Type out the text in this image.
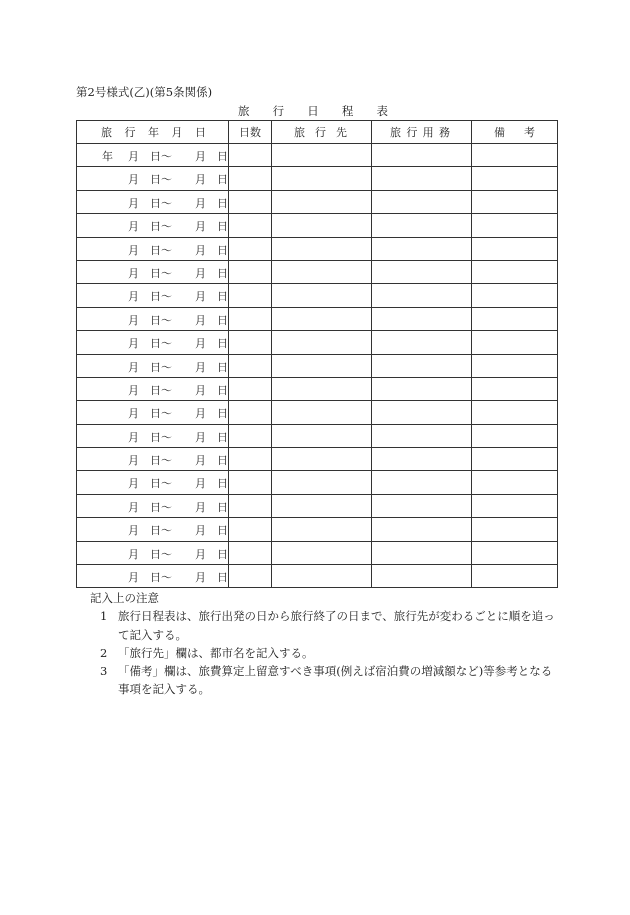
第2号様式(乙)(第5条関係)
旅 行 日 程 表
旅 行 年 月 日	日数	旅 行 先	旅 行 用 務	備 考

年 月 日〜 月 日				

月 日〜 月 日				

月 日〜 月 日				

月 日〜 月 日				

月 日〜 月 日				

月 日〜 月 日				

月 日〜 月 日				

月 日〜 月 日				

月 日〜 月 日				

月 日〜 月 日				

月 日〜 月 日				

月 日〜 月 日				

月 日〜 月 日				

月 日〜 月 日				

月 日〜 月 日				

月 日〜 月 日				

月 日〜 月 日				

月 日〜 月 日				

月 日〜 月 日				

記入上の注意
1 旅行日程表は、旅行出発の日から旅行終了の日まで、旅行先が変わるごとに順を追って記入する。
2 「旅行先」欄は、都市名を記入する。
3 「備考」欄は、旅費算定上留意すべき事項(例えば宿泊費の増減額など)等参考となる事項を記入する。
